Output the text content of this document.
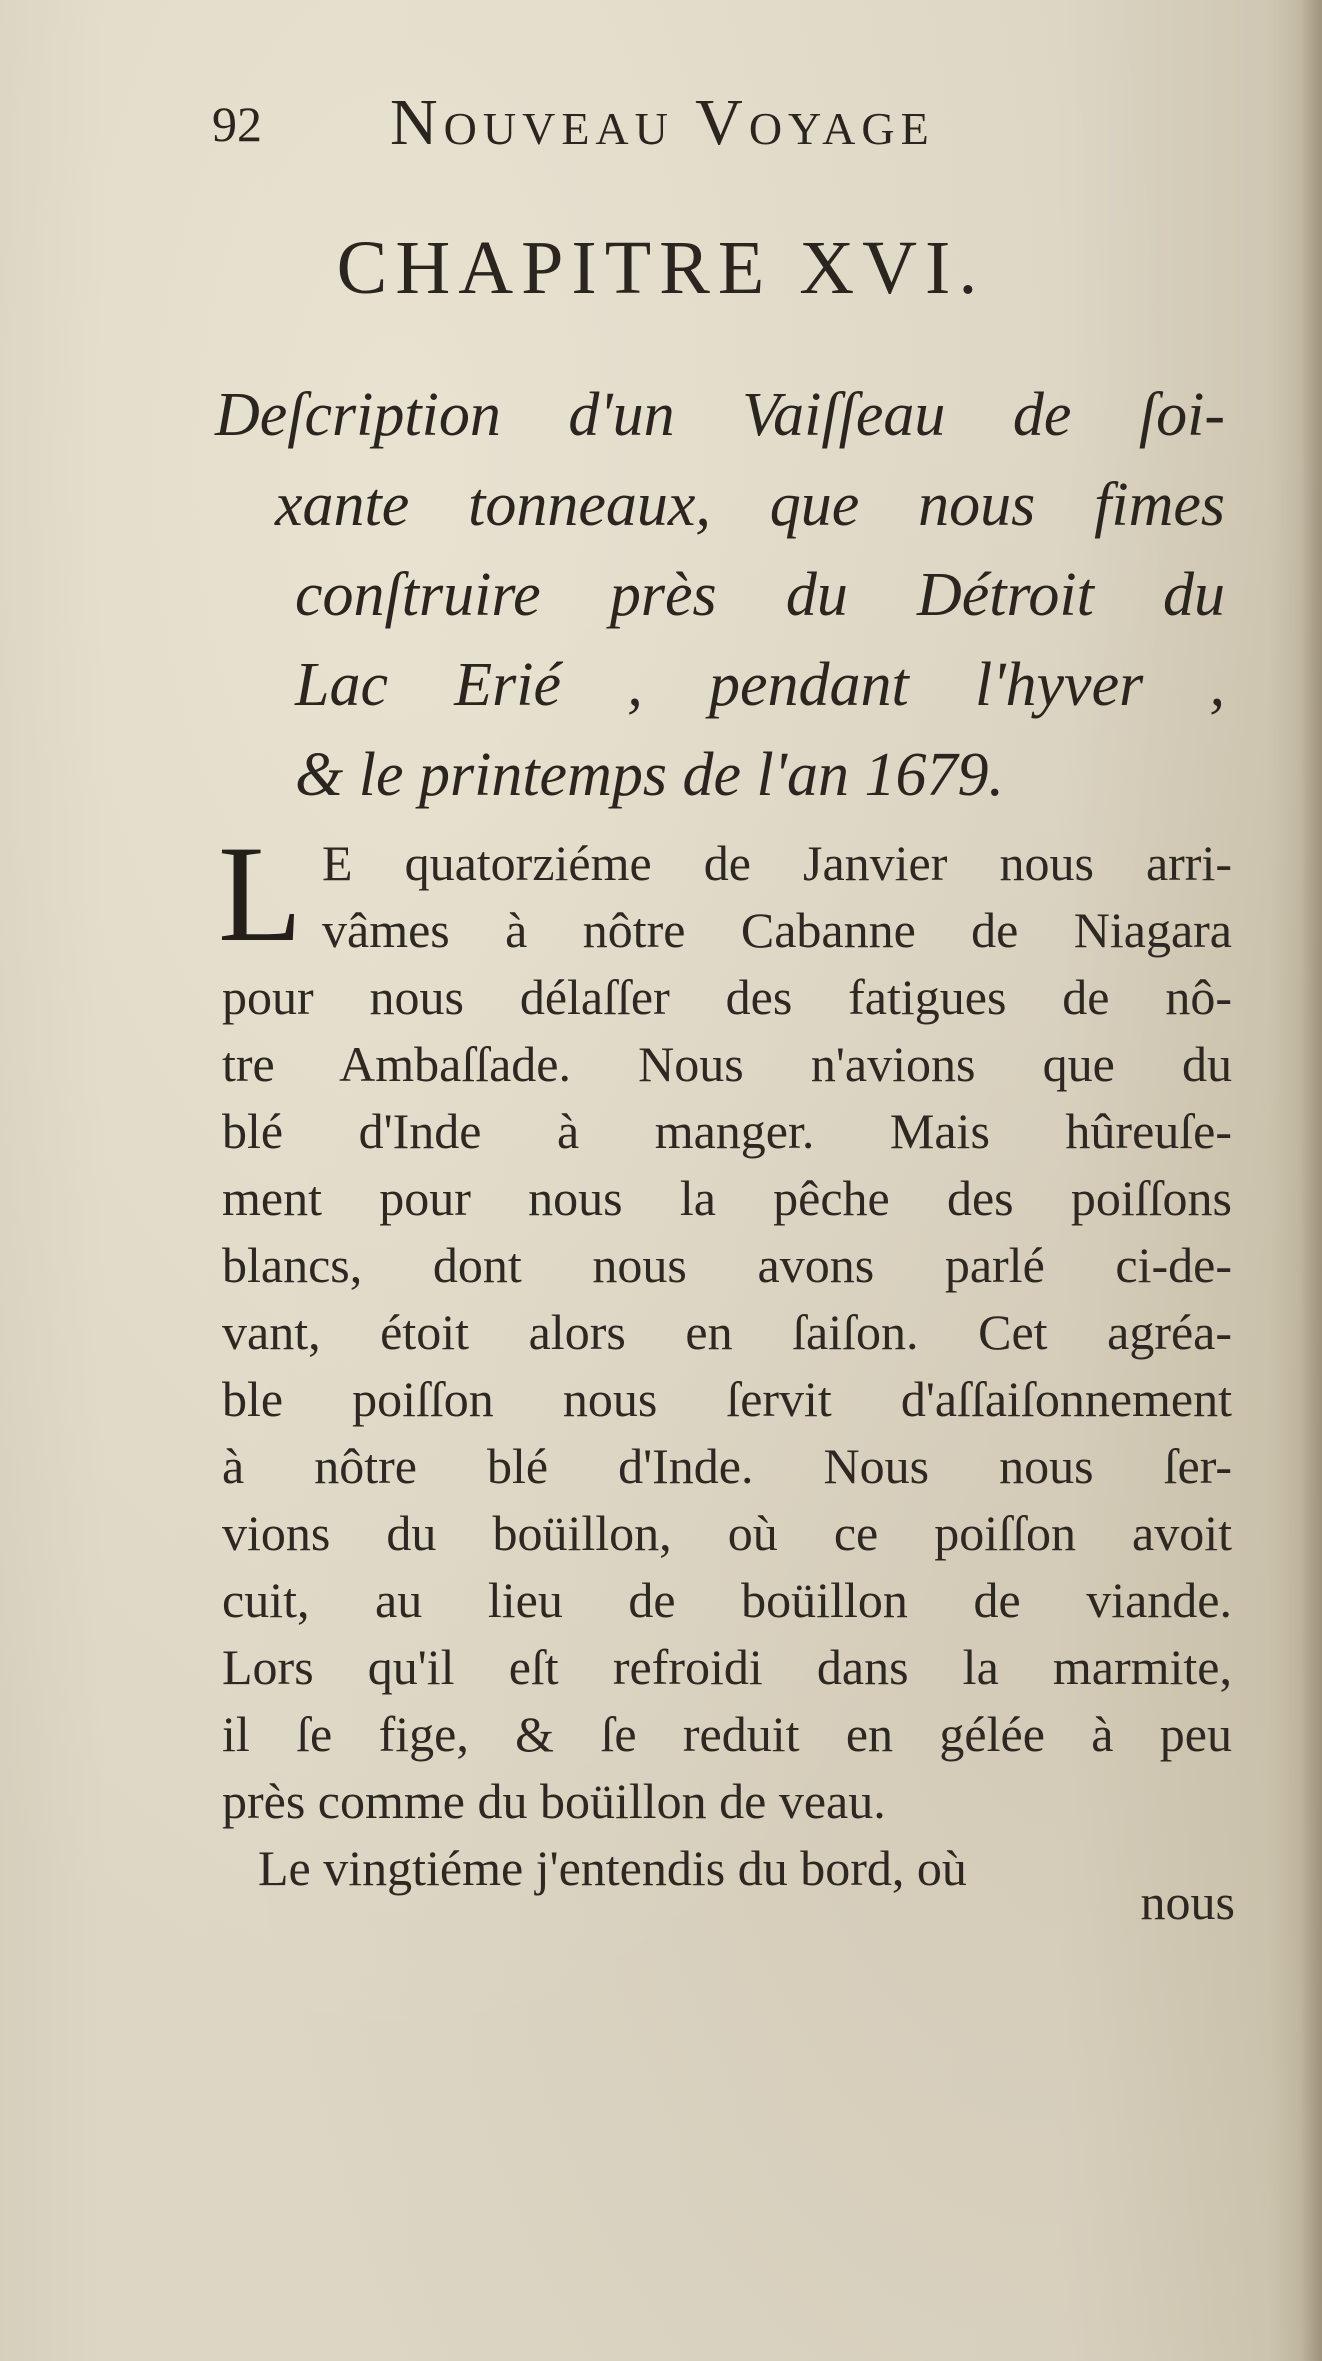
92 Nouveau Voyage
CHAPITRE XVI.
Deſcription d'un Vaiſſeau de ſoi-
xante tonneaux, que nous fimes
conſtruire près du Détroit du
Lac Erié , pendant l'hyver ,
& le printemps de l'an 1679.
L E quatorziéme de Janvier nous arri-
vâmes à nôtre Cabanne de Niagara
pour nous délaſſer des fatigues de nô-
tre Ambaſſade. Nous n'avions que du
blé d'Inde à manger. Mais hûreuſe-
ment pour nous la pêche des poiſſons
blancs, dont nous avons parlé ci-de-
vant, étoit alors en ſaiſon. Cet agréa-
ble poiſſon nous ſervit d'aſſaiſonnement
à nôtre blé d'Inde. Nous nous ſer-
vions du boüillon, où ce poiſſon avoit
cuit, au lieu de boüillon de viande.
Lors qu'il eſt refroidi dans la marmite,
il ſe fige, & ſe reduit en gélée à peu
près comme du boüillon de veau.
Le vingtiéme j'entendis du bord, où
nous
